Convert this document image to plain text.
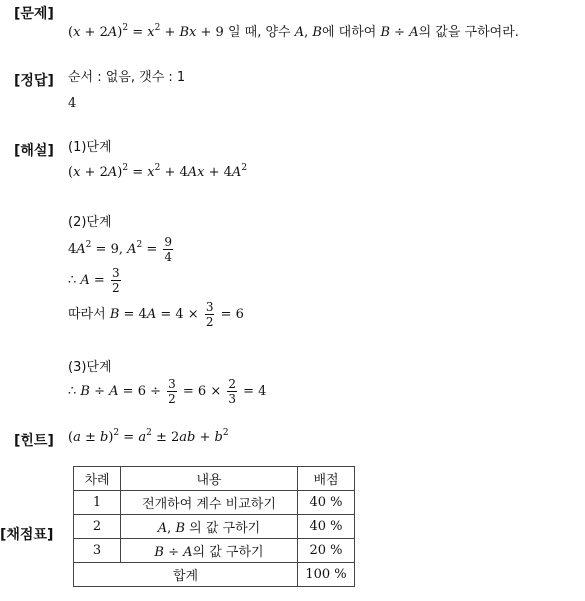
[문제]
[정답]
[해설]
[힌트]
[채점표]
$(x + 2A)^2 = x^2 + Bx + 9$ 일 때, 양수 A, B에 대하여 B ÷ A의 값을 구하여라.
순서 : 없음, 갯수 : 1
4
(1)단계
$(x + 2A)^2 = x^2 + 4Ax + 4A^2$
(2)단계
$4A^2 = 9$, $A^2 = \frac{9}{4}$
∴ $A = \frac{3}{2}$
따라서 $B = 4A = 4 \times \frac{3}{2} = 6$
(3)단계
∴ $B \div A = 6 \div \frac{3}{2} = 6 \times \frac{2}{3} = 4$
$(a \pm b)^2 = a^2 \pm 2ab + b^2$
차례	내용	배점
1	전개하여 계수 비교하기	40 %
2	A, B 의 값 구하기	40 %
3	B ÷ A의 값 구하기	20 %
합계		100 %
